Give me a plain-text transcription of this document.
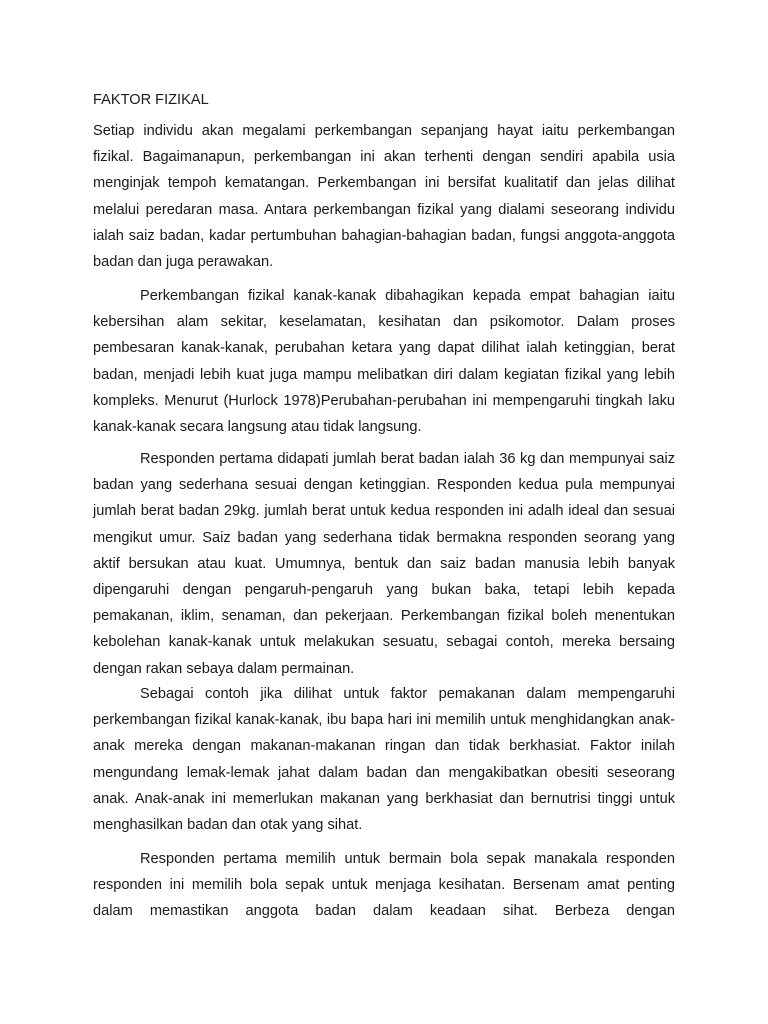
FAKTOR FIZIKAL

Setiap individu akan megalami perkembangan sepanjang hayat iaitu perkembangan fizikal. Bagaimanapun, perkembangan ini akan terhenti dengan sendiri apabila usia menginjak tempoh kematangan. Perkembangan ini bersifat kualitatif dan jelas dilihat melalui peredaran masa. Antara perkembangan fizikal yang dialami seseorang individu ialah saiz badan, kadar pertumbuhan bahagian-bahagian badan, fungsi anggota-anggota badan dan juga perawakan.

Perkembangan fizikal kanak-kanak dibahagikan kepada empat bahagian iaitu kebersihan alam sekitar, keselamatan, kesihatan dan psikomotor. Dalam proses pembesaran kanak-kanak, perubahan ketara yang dapat dilihat ialah ketinggian, berat badan, menjadi lebih kuat juga mampu melibatkan diri dalam kegiatan fizikal yang lebih kompleks. Menurut (Hurlock 1978)Perubahan-perubahan ini mempengaruhi tingkah laku kanak-kanak secara langsung atau tidak langsung.

Responden pertama didapati jumlah berat badan ialah 36 kg dan mempunyai saiz badan yang sederhana sesuai dengan ketinggian. Responden kedua pula mempunyai jumlah berat badan 29kg. jumlah berat untuk kedua responden ini adalh ideal dan sesuai mengikut umur. Saiz badan yang sederhana tidak bermakna responden seorang yang aktif bersukan atau kuat. Umumnya, bentuk dan saiz badan manusia lebih banyak dipengaruhi dengan pengaruh-pengaruh yang bukan baka, tetapi lebih kepada pemakanan, iklim, senaman, dan pekerjaan. Perkembangan fizikal boleh menentukan kebolehan kanak-kanak untuk melakukan sesuatu, sebagai contoh, mereka bersaing dengan rakan sebaya dalam permainan.

Sebagai contoh jika dilihat untuk faktor pemakanan dalam mempengaruhi perkembangan fizikal kanak-kanak, ibu bapa hari ini memilih untuk menghidangkan anak-anak mereka dengan makanan-makanan ringan dan tidak berkhasiat. Faktor inilah mengundang lemak-lemak jahat dalam badan dan mengakibatkan obesiti seseorang anak. Anak-anak ini memerlukan makanan yang berkhasiat dan bernutrisi tinggi untuk menghasilkan badan dan otak yang sihat.

Responden pertama memilih untuk bermain bola sepak manakala responden responden ini memilih bola sepak untuk menjaga kesihatan. Bersenam amat penting dalam memastikan anggota badan dalam keadaan sihat. Berbeza dengan
